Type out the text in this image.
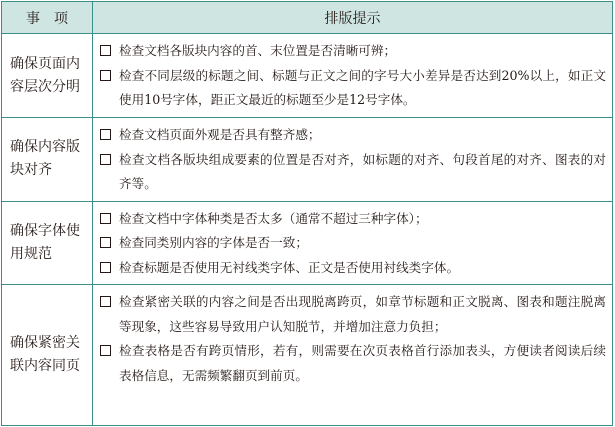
事　项	排版提示
确保页面内容层次分明	检查文档各版块内容的首、末位置是否清晰可辨；
检查不同层级的标题之间、标题与正文之间的字号大小差异是否达到20%以上，如正文使用10号字体，距正文最近的标题至少是12号字体。

确保内容版块对齐	检查文档页面外观是否具有整齐感；
检查文档各版块组成要素的位置是否对齐，如标题的对齐、句段首尾的对齐、图表的对齐等。

确保字体使用规范	检查文档中字体种类是否太多（通常不超过三种字体）；
检查同类别内容的字体是否一致；
检查标题是否使用无衬线类字体、正文是否使用衬线类字体。

确保紧密关联内容同页	检查紧密关联的内容之间是否出现脱离跨页，如章节标题和正文脱离、图表和题注脱离等现象，这些容易导致用户认知脱节，并增加注意力负担；
检查表格是否有跨页情形，若有，则需要在次页表格首行添加表头，方便读者阅读后续表格信息，无需频繁翻页到前页。
